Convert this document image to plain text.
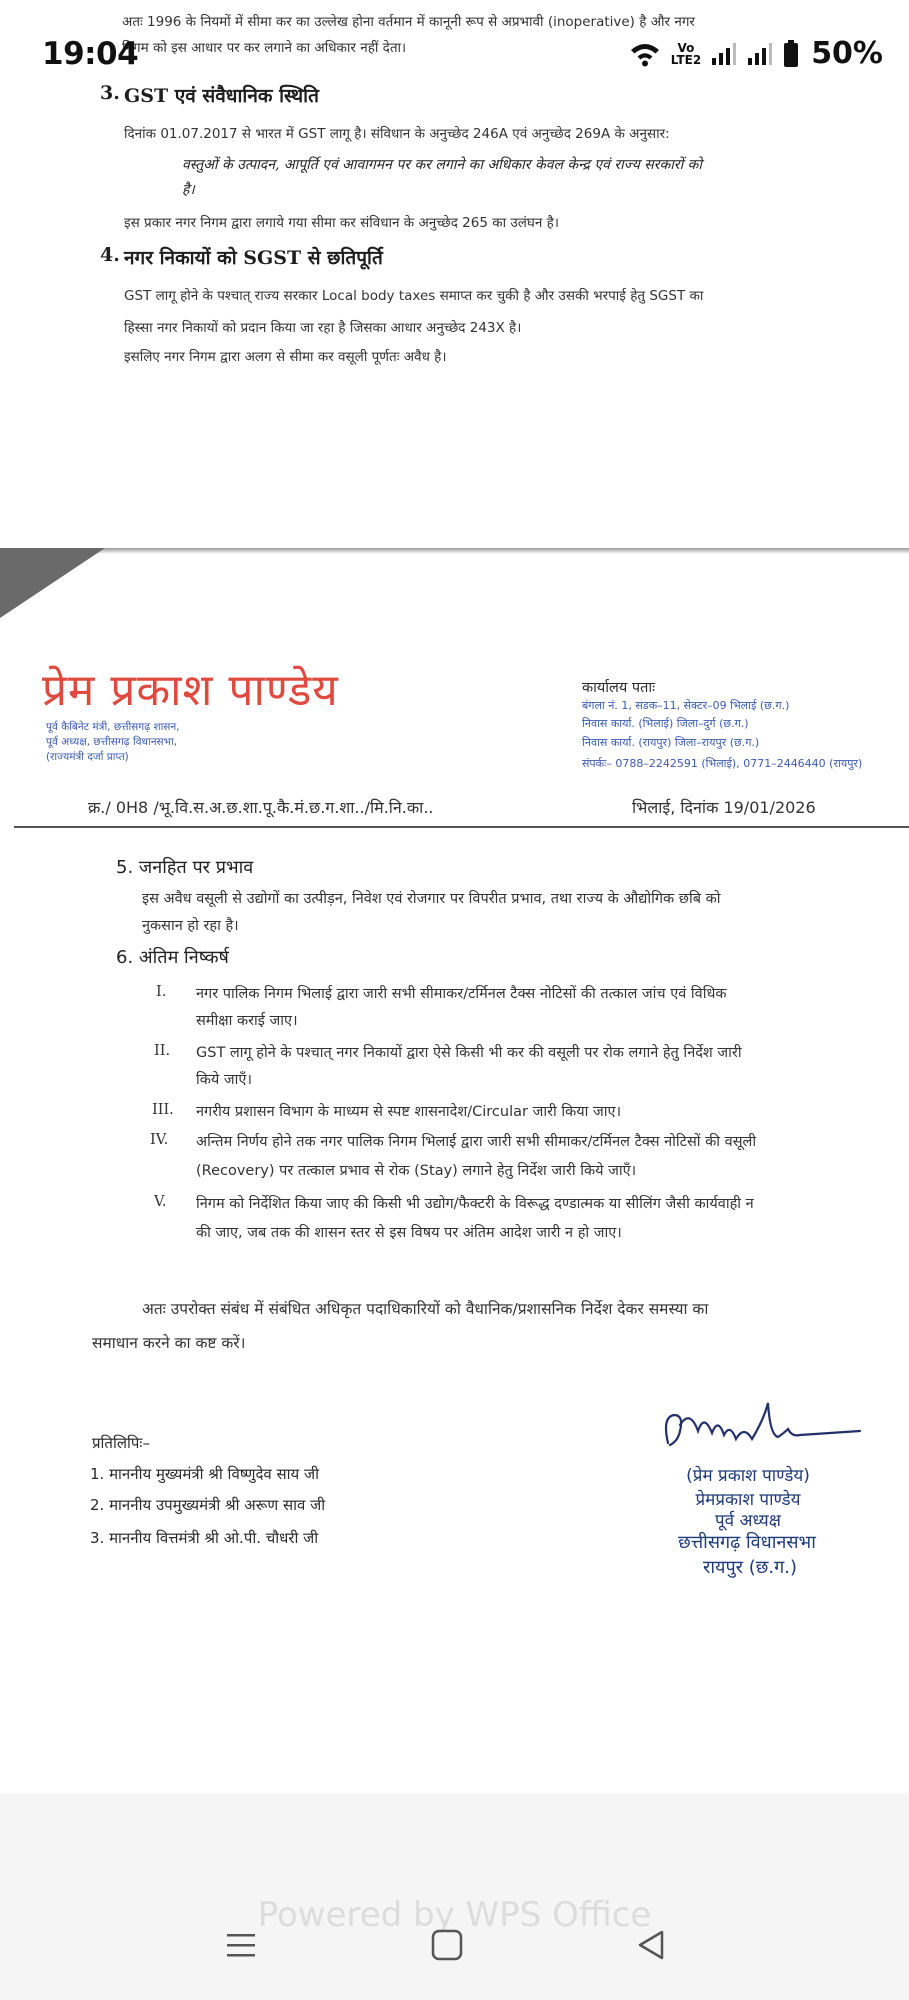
अतः 1996 के नियमों में सीमा कर का उल्लेख होना वर्तमान में कानूनी रूप से अप्रभावी (inoperative) है और नगर
निगम को इस आधार पर कर लगाने का अधिकार नहीं देता।
3. GST एवं संवैधानिक स्थिति
दिनांक 01.07.2017 से भारत में GST लागू है। संविधान के अनुच्छेद 246A एवं अनुच्छेद 269A के अनुसार:
वस्तुओं के उत्पादन, आपूर्ति एवं आवागमन पर कर लगाने का अधिकार केवल केन्द्र एवं राज्य सरकारों को
है।
इस प्रकार नगर निगम द्वारा लगाये गया सीमा कर संविधान के अनुच्छेद 265 का उलंघन है।
4. नगर निकायों को SGST से छतिपूर्ति
GST लागू होने के पश्चात् राज्य सरकार Local body taxes समाप्त कर चुकी है और उसकी भरपाई हेतु SGST का
हिस्सा नगर निकायों को प्रदान किया जा रहा है जिसका आधार अनुच्छेद 243X है।
इसलिए नगर निगम द्वारा अलग से सीमा कर वसूली पूर्णतः अवैध है।
19:04	Vo
LTE2	50%
प्रेम प्रकाश पाण्डेय
पूर्व कैबिनेट मंत्री, छत्तीसगढ़ शासन,
पूर्व अध्यक्ष, छत्तीसगढ़ विधानसभा,
(राज्यमंत्री दर्जा प्राप्त)
कार्यालय पताः
बंगला नं. 1, सडक–11, सेक्टर–09 भिलाई (छ.ग.)
निवास कार्या. (भिलाई) जिला–दुर्ग (छ.ग.)
निवास कार्या. (रायपुर) जिला–रायपुर (छ.ग.)
संपर्कः– 0788–2242591 (भिलाई), 0771–2446440 (रायपुर)
क्र./ 0H8 /भू.वि.स.अ.छ.शा.पू.कै.मं.छ.ग.शा../मि.नि.का..	भिलाई, दिनांक 19/01/2026
5. जनहित पर प्रभाव
इस अवैध वसूली से उद्योगों का उत्पीड़न, निवेश एवं रोजगार पर विपरीत प्रभाव, तथा राज्य के औद्योगिक छबि को
नुकसान हो रहा है।
6. अंतिम निष्कर्ष
I. नगर पालिक निगम भिलाई द्वारा जारी सभी सीमाकर/टर्मिनल टैक्स नोटिसों की तत्काल जांच एवं विधिक
समीक्षा कराई जाए।
II. GST लागू होने के पश्चात् नगर निकायों द्वारा ऐसे किसी भी कर की वसूली पर रोक लगाने हेतु निर्देश जारी
किये जाएँ।
III. नगरीय प्रशासन विभाग के माध्यम से स्पष्ट शासनादेश/Circular जारी किया जाए।
IV. अन्तिम निर्णय होने तक नगर पालिक निगम भिलाई द्वारा जारी सभी सीमाकर/टर्मिनल टैक्स नोटिसों की वसूली
(Recovery) पर तत्काल प्रभाव से रोक (Stay) लगाने हेतु निर्देश जारी किये जाएँ।
V. निगम को निर्देशित किया जाए की किसी भी उद्योग/फैक्टरी के विरूद्ध दण्डात्मक या सीलिंग जैसी कार्यवाही न
की जाए, जब तक की शासन स्तर से इस विषय पर अंतिम आदेश जारी न हो जाए।
अतः उपरोक्त संबंध में संबंधित अधिकृत पदाधिकारियों को वैधानिक/प्रशासनिक निर्देश देकर समस्या का
समाधान करने का कष्ट करें।
प्रतिलिपिः–
1. माननीय मुख्यमंत्री श्री विष्णुदेव साय जी
2. माननीय उपमुख्यमंत्री श्री अरूण साव जी
3. माननीय वित्तमंत्री श्री ओ.पी. चौधरी जी
(प्रेम प्रकाश पाण्डेय)
प्रेमप्रकाश पाण्डेय
पूर्व अध्यक्ष
छत्तीसगढ़ विधानसभा
रायपुर (छ.ग.)
Powered by WPS Office
